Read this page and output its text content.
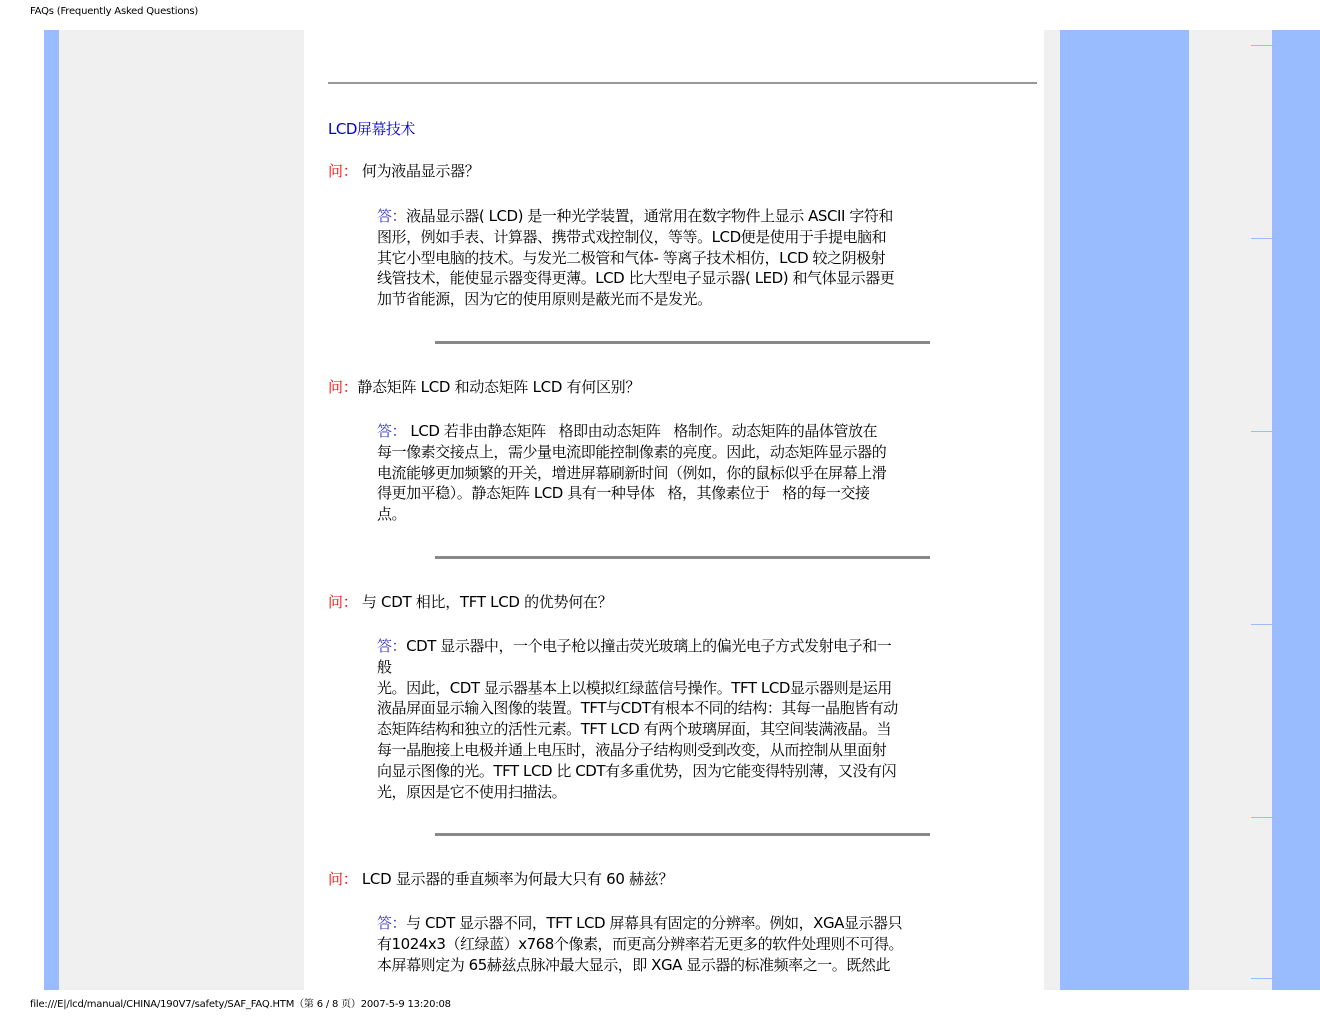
FAQs (Frequently Asked Questions)
LCD屏幕技术
问： 何为液晶显示器？

答：液晶显示器( LCD) 是一种光学装置，通常用在数字物件上显示 ASCII 字符和

图形，例如手表、计算器、携带式戏控制仪，等等。LCD便是使用于手提电脑和

其它小型电脑的技术。与发光二极管和气体- 等离子技术相仿，LCD 较之阴极射

线管技术，能使显示器变得更薄。LCD 比大型电子显示器( LED) 和气体显示器更

加节省能源，因为它的使用原则是蔽光而不是发光。

问：静态矩阵 LCD 和动态矩阵 LCD 有何区别？

答： LCD 若非由静态矩阵   格即由动态矩阵   格制作。动态矩阵的晶体管放在

每一像素交接点上，需少量电流即能控制像素的亮度。因此，动态矩阵显示器的

电流能够更加频繁的开关，增进屏幕刷新时间（例如，你的鼠标似乎在屏幕上滑

得更加平稳）。静态矩阵 LCD 具有一种导体   格，其像素位于   格的每一交接

点。

问： 与 CDT 相比，TFT LCD 的优势何在？

答：CDT 显示器中，一个电子枪以撞击荧光玻璃上的偏光电子方式发射电子和一

般

光。因此，CDT 显示器基本上以模拟红绿蓝信号操作。TFT LCD显示器则是运用

液晶屏面显示输入图像的装置。TFT与CDT有根本不同的结构：其每一晶胞皆有动

态矩阵结构和独立的活性元素。TFT LCD 有两个玻璃屏面，其空间装满液晶。当

每一晶胞接上电极并通上电压时，液晶分子结构则受到改变，从而控制从里面射

向显示图像的光。TFT LCD 比 CDT有多重优势，因为它能变得特别薄，又没有闪

光，原因是它不使用扫描法。

问： LCD 显示器的垂直频率为何最大只有 60 赫兹？

答：与 CDT 显示器不同，TFT LCD 屏幕具有固定的分辨率。例如，XGA显示器只

有1024x3（红绿蓝）x768个像素，而更高分辨率若无更多的软件处理则不可得。

本屏幕则定为 65赫兹点脉冲最大显示，即 XGA 显示器的标准频率之一。既然此

file:///E|/lcd/manual/CHINA/190V7/safety/SAF_FAQ.HTM（第 6 / 8 页）2007-5-9 13:20:08
